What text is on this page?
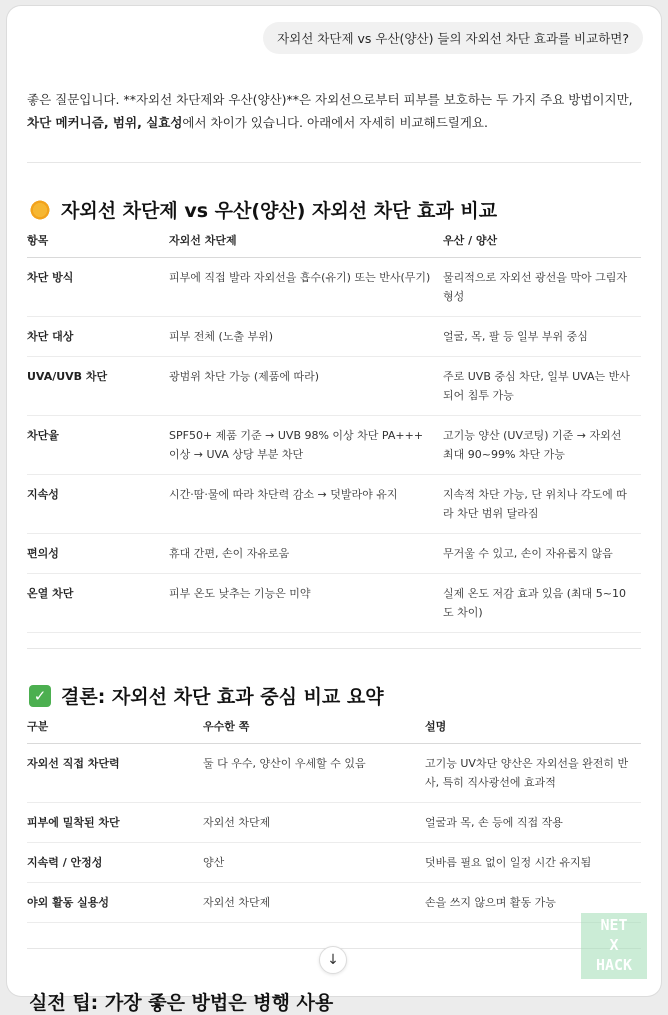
자외선 차단제 vs 우산(양산) 들의 자외선 차단 효과를 비교하면?
좋은 질문입니다. **자외선 차단제와 우산(양산)**은 자외선으로부터 피부를 보호하는 두 가지 주요 방법이지만, 차단 메커니즘, 범위, 실효성에서 차이가 있습니다. 아래에서 자세히 비교해드릴게요.
자외선 차단제 vs 우산(양산) 자외선 차단 효과 비교
항목	자외선 차단제	우산 / 양산
차단 방식	피부에 직접 발라 자외선을 흡수(유기) 또는 반사(무기)	물리적으로 자외선 광선을 막아 그림자 형성
차단 대상	피부 전체 (노출 부위)	얼굴, 목, 팔 등 일부 부위 중심
UVA/UVB 차단	광범위 차단 가능 (제품에 따라)	주로 UVB 중심 차단, 일부 UVA는 반사되어 침투 가능
차단율	SPF50+ 제품 기준 → UVB 98% 이상 차단 PA+++ 이상 → UVA 상당 부분 차단	고기능 양산 (UV코팅) 기준 → 자외선 최대 90~99% 차단 가능
지속성	시간·땀·물에 따라 차단력 감소 → 덧발라야 유지	지속적 차단 가능, 단 위치나 각도에 따라 차단 범위 달라짐
편의성	휴대 간편, 손이 자유로움	무거울 수 있고, 손이 자유롭지 않음
온열 차단	피부 온도 낮추는 기능은 미약	실제 온도 저감 효과 있음 (최대 5~10도 차이)
✓ 결론: 자외선 차단 효과 중심 비교 요약
구분	우수한 쪽	설명
자외선 직접 차단력	둘 다 우수, 양산이 우세할 수 있음	고기능 UV차단 양산은 자외선을 완전히 반사, 특히 직사광선에 효과적
피부에 밀착된 차단	자외선 차단제	얼굴과 목, 손 등에 직접 작용
지속력 / 안정성	양산	덧바름 필요 없이 일정 시간 유지됨
야외 활동 실용성	자외선 차단제	손을 쓰지 않으며 활동 가능
↓
실전 팁: 가장 좋은 방법은 병행 사용
NET
X
HACK
